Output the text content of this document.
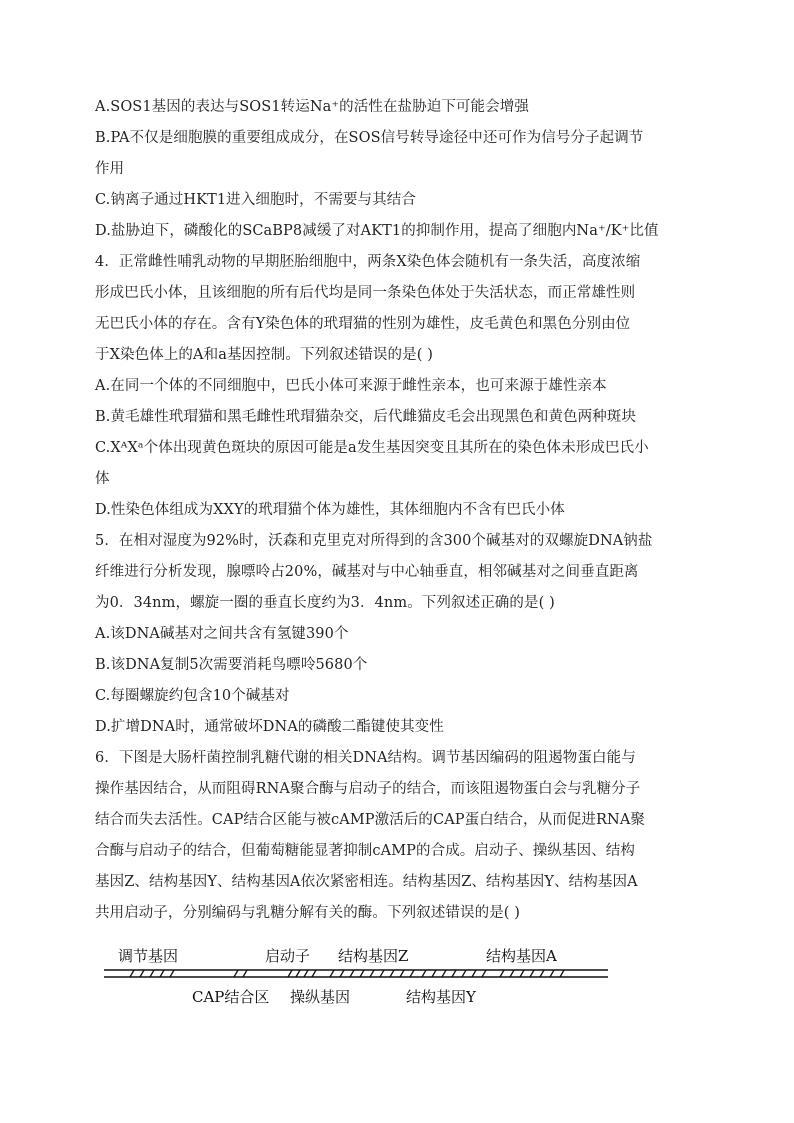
A.SOS1基因的表达与SOS1转运Na⁺的活性在盐胁迫下可能会增强
B.PA不仅是细胞膜的重要组成成分，在SOS信号转导途径中还可作为信号分子起调节
作用
C.钠离子通过HKT1进入细胞时，不需要与其结合
D.盐胁迫下，磷酸化的SCaBP8减缓了对AKT1的抑制作用，提高了细胞内Na⁺/K⁺比值
4．正常雌性哺乳动物的早期胚胎细胞中，两条X染色体会随机有一条失活，高度浓缩
形成巴氏小体，且该细胞的所有后代均是同一条染色体处于失活状态，而正常雄性则
无巴氏小体的存在。含有Y染色体的玳瑁猫的性别为雄性，皮毛黄色和黑色分别由位
于X染色体上的A和a基因控制。下列叙述错误的是( )
A.在同一个体的不同细胞中，巴氏小体可来源于雌性亲本，也可来源于雄性亲本
B.黄毛雄性玳瑁猫和黑毛雌性玳瑁猫杂交，后代雌猫皮毛会出现黑色和黄色两种斑块
C.XᴬXᵃ个体出现黄色斑块的原因可能是a发生基因突变且其所在的染色体未形成巴氏小
体
D.性染色体组成为XXY的玳瑁猫个体为雄性，其体细胞内不含有巴氏小体
5．在相对湿度为92%时，沃森和克里克对所得到的含300个碱基对的双螺旋DNA钠盐
纤维进行分析发现，腺嘌呤占20%，碱基对与中心轴垂直，相邻碱基对之间垂直距离
为0．34nm，螺旋一圈的垂直长度约为3．4nm。下列叙述正确的是( )
A.该DNA碱基对之间共含有氢键390个
B.该DNA复制5次需要消耗鸟嘌呤5680个
C.每圈螺旋约包含10个碱基对
D.扩增DNA时，通常破坏DNA的磷酸二酯键使其变性
6．下图是大肠杆菌控制乳糖代谢的相关DNA结构。调节基因编码的阻遏物蛋白能与
操作基因结合，从而阻碍RNA聚合酶与启动子的结合，而该阻遏物蛋白会与乳糖分子
结合而失去活性。CAP结合区能与被cAMP激活后的CAP蛋白结合，从而促进RNA聚
合酶与启动子的结合，但葡萄糖能显著抑制cAMP的合成。启动子、操纵基因、结构
基因Z、结构基因Y、结构基因A依次紧密相连。结构基因Z、结构基因Y、结构基因A
共用启动子，分别编码与乳糖分解有关的酶。下列叙述错误的是( )
调节基因	启动子 结构基因Z	结构基因A
CAP结合区 操纵基因	结构基因Y
